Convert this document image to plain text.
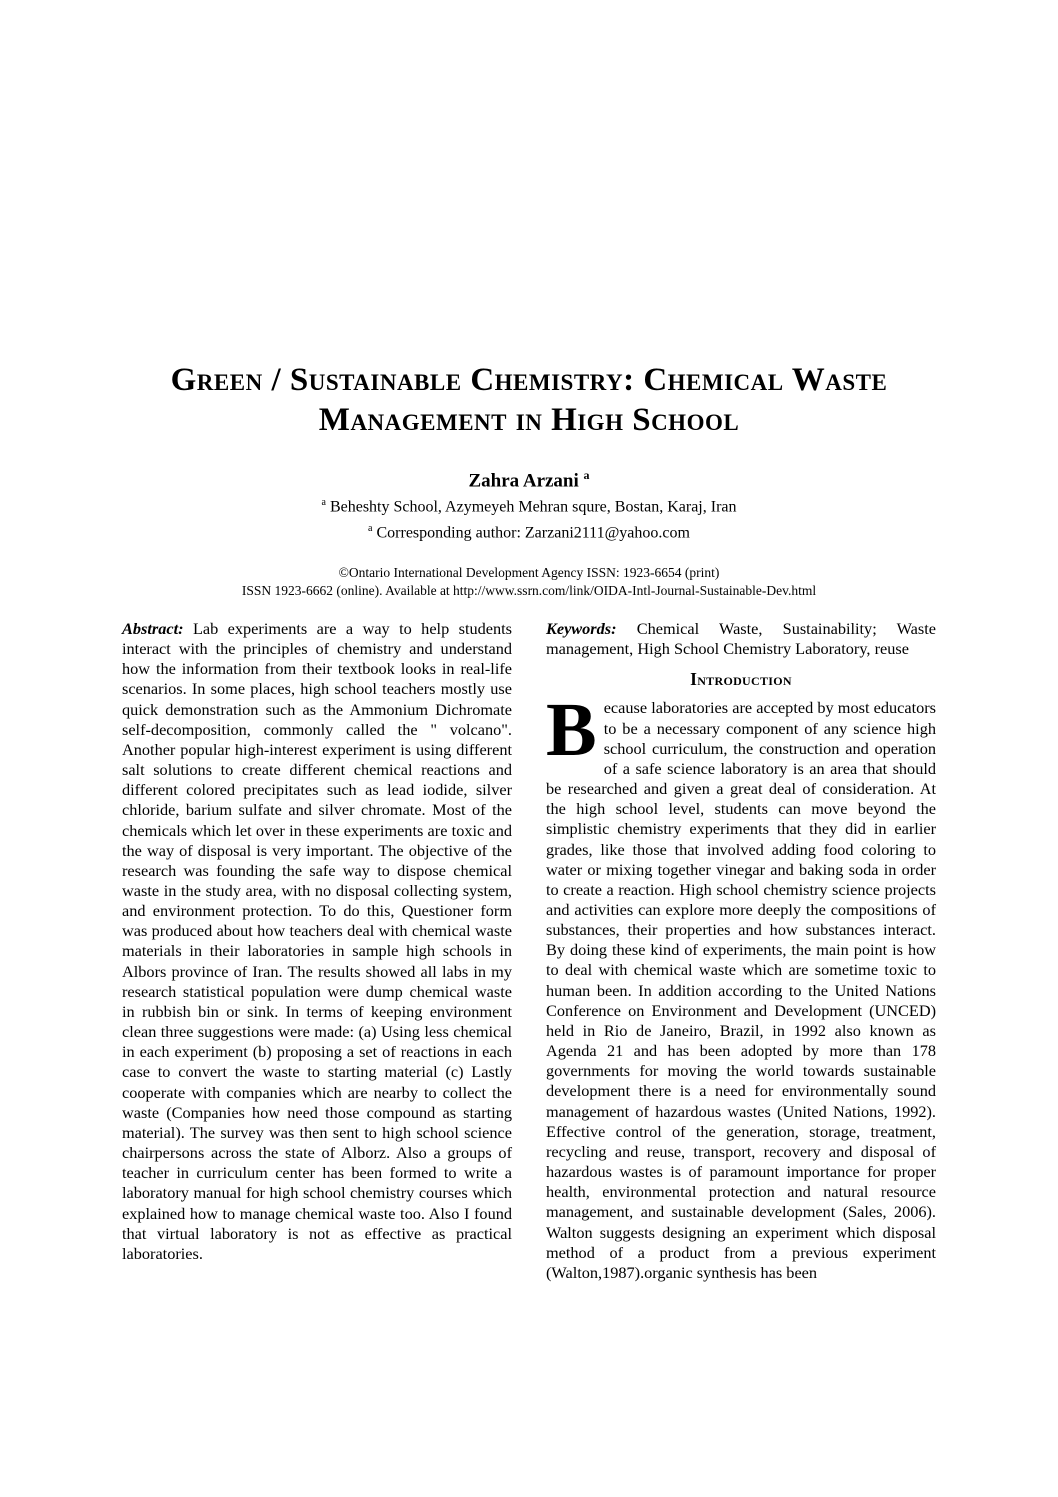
Green / Sustainable Chemistry: Chemical Waste
Management in High School

Zahra Arzani $^a$

$^a$ Beheshty School, Azymeyeh Mehran squre, Bostan, Karaj, Iran

$^a$ Corresponding author: Zarzani2111@yahoo.com

©Ontario International Development Agency ISSN: 1923-6654 (print)
ISSN 1923-6662 (online). Available at http://www.ssrn.com/link/OIDA-Intl-Journal-Sustainable-Dev.html

Abstract: Lab experiments are a way to help students interact with the principles of chemistry and understand how the information from their textbook looks in real-life scenarios. In some places, high school teachers mostly use quick demonstration such as the Ammonium Dichromate self-decomposition, commonly called the " volcano". Another popular high-interest experiment is using different salt solutions to create different chemical reactions and different colored precipitates such as lead iodide, silver chloride, barium sulfate and silver chromate. Most of the chemicals which let over in these experiments are toxic and the way of disposal is very important. The objective of the research was founding the safe way to dispose chemical waste in the study area, with no disposal collecting system, and environment protection. To do this, Questioner form was produced about how teachers deal with chemical waste materials in their laboratories in sample high schools in Albors province of Iran. The results showed all labs in my research statistical population were dump chemical waste in rubbish bin or sink. In terms of keeping environment clean three suggestions were made: (a) Using less chemical in each experiment (b) proposing a set of reactions in each case to convert the waste to starting material (c) Lastly cooperate with companies which are nearby to collect the waste (Companies how need those compound as starting material). The survey was then sent to high school science chairpersons across the state of Alborz. Also a groups of teacher in curriculum center has been formed to write a laboratory manual for high school chemistry courses which explained how to manage chemical waste too. Also I found that virtual laboratory is not as effective as practical laboratories.

Keywords: Chemical Waste, Sustainability; Waste management, High School Chemistry Laboratory, reuse

Introduction

Because laboratories are accepted by most educators to be a necessary component of any science high school curriculum, the construction and operation of a safe science laboratory is an area that should be researched and given a great deal of consideration. At the high school level, students can move beyond the simplistic chemistry experiments that they did in earlier grades, like those that involved adding food coloring to water or mixing together vinegar and baking soda in order to create a reaction. High school chemistry science projects and activities can explore more deeply the compositions of substances, their properties and how substances interact. By doing these kind of experiments, the main point is how to deal with chemical waste which are sometime toxic to human been. In addition according to the United Nations Conference on Environment and Development (UNCED) held in Rio de Janeiro, Brazil, in 1992 also known as Agenda 21 and has been adopted by more than 178 governments for moving the world towards sustainable development there is a need for environmentally sound management of hazardous wastes (United Nations, 1992). Effective control of the generation, storage, treatment, recycling and reuse, transport, recovery and disposal of hazardous wastes is of paramount importance for proper health, environmental protection and natural resource management, and sustainable development (Sales, 2006). Walton suggests designing an experiment which disposal method of a product from a previous experiment (Walton,1987).organic synthesis has been
